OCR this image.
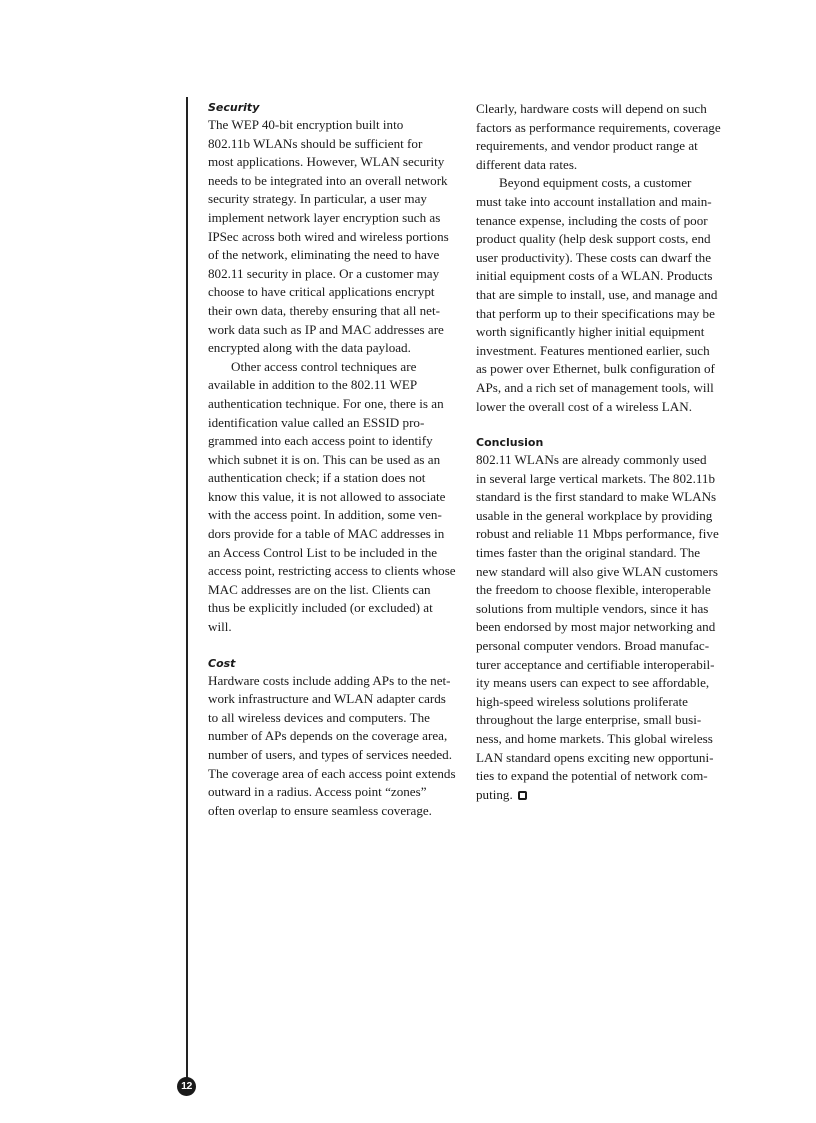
Security
The WEP 40-bit encryption built into
802.11b WLANs should be sufficient for
most applications. However, WLAN security
needs to be integrated into an overall network
security strategy. In particular, a user may
implement network layer encryption such as
IPSec across both wired and wireless portions
of the network, eliminating the need to have
802.11 security in place. Or a customer may
choose to have critical applications encrypt
their own data, thereby ensuring that all net-
work data such as IP and MAC addresses are
encrypted along with the data payload.
Other access control techniques are
available in addition to the 802.11 WEP
authentication technique. For one, there is an
identification value called an ESSID pro-
grammed into each access point to identify
which subnet it is on. This can be used as an
authentication check; if a station does not
know this value, it is not allowed to associate
with the access point. In addition, some ven-
dors provide for a table of MAC addresses in
an Access Control List to be included in the
access point, restricting access to clients whose
MAC addresses are on the list. Clients can
thus be explicitly included (or excluded) at
will.
Cost
Hardware costs include adding APs to the net-
work infrastructure and WLAN adapter cards
to all wireless devices and computers. The
number of APs depends on the coverage area,
number of users, and types of services needed.
The coverage area of each access point extends
outward in a radius. Access point “zones”
often overlap to ensure seamless coverage.
Clearly, hardware costs will depend on such
factors as performance requirements, coverage
requirements, and vendor product range at
different data rates.
Beyond equipment costs, a customer
must take into account installation and main-
tenance expense, including the costs of poor
product quality (help desk support costs, end
user productivity). These costs can dwarf the
initial equipment costs of a WLAN. Products
that are simple to install, use, and manage and
that perform up to their specifications may be
worth significantly higher initial equipment
investment. Features mentioned earlier, such
as power over Ethernet, bulk configuration of
APs, and a rich set of management tools, will
lower the overall cost of a wireless LAN.
Conclusion
802.11 WLANs are already commonly used
in several large vertical markets. The 802.11b
standard is the first standard to make WLANs
usable in the general workplace by providing
robust and reliable 11 Mbps performance, five
times faster than the original standard. The
new standard will also give WLAN customers
the freedom to choose flexible, interoperable
solutions from multiple vendors, since it has
been endorsed by most major networking and
personal computer vendors. Broad manufac-
turer acceptance and certifiable interoperabil-
ity means users can expect to see affordable,
high-speed wireless solutions proliferate
throughout the large enterprise, small busi-
ness, and home markets. This global wireless
LAN standard opens exciting new opportuni-
ties to expand the potential of network com-
puting.
12
